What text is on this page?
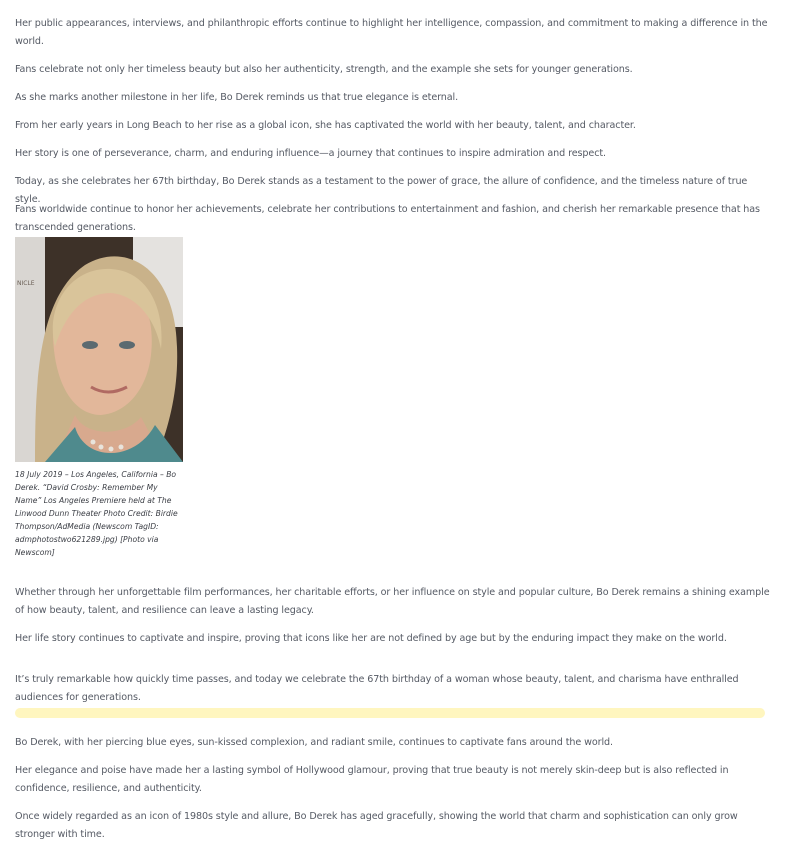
Her public appearances, interviews, and philanthropic efforts continue to highlight her intelligence, compassion, and commitment to making a difference in the world.

Fans celebrate not only her timeless beauty but also her authenticity, strength, and the example she sets for younger generations.

As she marks another milestone in her life, Bo Derek reminds us that true elegance is eternal.

From her early years in Long Beach to her rise as a global icon, she has captivated the world with her beauty, talent, and character.

Her story is one of perseverance, charm, and enduring influence—a journey that continues to inspire admiration and respect.

Today, as she celebrates her 67th birthday, Bo Derek stands as a testament to the power of grace, the allure of confidence, and the timeless nature of true style.

Fans worldwide continue to honor her achievements, celebrate her contributions to entertainment and fashion, and cherish her remarkable presence that has transcended generations.

NICLE
18 July 2019 – Los Angeles, California – Bo Derek. “David Crosby: Remember My Name” Los Angeles Premiere held at The Linwood Dunn Theater Photo Credit: Birdie Thompson/AdMedia (Newscom TagID: admphotostwo621289.jpg) [Photo via Newscom]

Whether through her unforgettable film performances, her charitable efforts, or her influence on style and popular culture, Bo Derek remains a shining example of how beauty, talent, and resilience can leave a lasting legacy.

Her life story continues to captivate and inspire, proving that icons like her are not defined by age but by the enduring impact they make on the world.

It’s truly remarkable how quickly time passes, and today we celebrate the 67th birthday of a woman whose beauty, talent, and charisma have enthralled audiences for generations.

Bo Derek, with her piercing blue eyes, sun-kissed complexion, and radiant smile, continues to captivate fans around the world.

Her elegance and poise have made her a lasting symbol of Hollywood glamour, proving that true beauty is not merely skin-deep but is also reflected in confidence, resilience, and authenticity.

Once widely regarded as an icon of 1980s style and allure, Bo Derek has aged gracefully, showing the world that charm and sophistication can only grow stronger with time.
